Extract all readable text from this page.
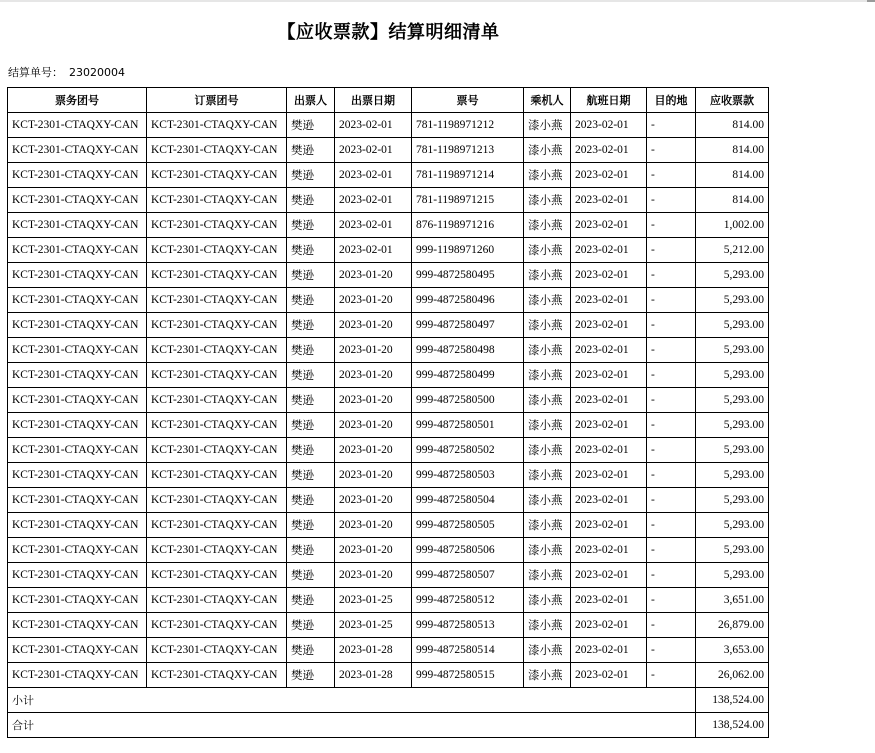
【应收票款】结算明细清单
结算单号： 23020004
票务团号	订票团号	出票人	出票日期	票号	乘机人	航班日期	目的地	应收票款
KCT-2301-CTAQXY-CAN	KCT-2301-CTAQXY-CAN	樊逊	2023-02-01	781-1198971212	漆小燕	2023-02-01	-	814.00
KCT-2301-CTAQXY-CAN	KCT-2301-CTAQXY-CAN	樊逊	2023-02-01	781-1198971213	漆小燕	2023-02-01	-	814.00
KCT-2301-CTAQXY-CAN	KCT-2301-CTAQXY-CAN	樊逊	2023-02-01	781-1198971214	漆小燕	2023-02-01	-	814.00
KCT-2301-CTAQXY-CAN	KCT-2301-CTAQXY-CAN	樊逊	2023-02-01	781-1198971215	漆小燕	2023-02-01	-	814.00
KCT-2301-CTAQXY-CAN	KCT-2301-CTAQXY-CAN	樊逊	2023-02-01	876-1198971216	漆小燕	2023-02-01	-	1,002.00
KCT-2301-CTAQXY-CAN	KCT-2301-CTAQXY-CAN	樊逊	2023-02-01	999-1198971260	漆小燕	2023-02-01	-	5,212.00
KCT-2301-CTAQXY-CAN	KCT-2301-CTAQXY-CAN	樊逊	2023-01-20	999-4872580495	漆小燕	2023-02-01	-	5,293.00
KCT-2301-CTAQXY-CAN	KCT-2301-CTAQXY-CAN	樊逊	2023-01-20	999-4872580496	漆小燕	2023-02-01	-	5,293.00
KCT-2301-CTAQXY-CAN	KCT-2301-CTAQXY-CAN	樊逊	2023-01-20	999-4872580497	漆小燕	2023-02-01	-	5,293.00
KCT-2301-CTAQXY-CAN	KCT-2301-CTAQXY-CAN	樊逊	2023-01-20	999-4872580498	漆小燕	2023-02-01	-	5,293.00
KCT-2301-CTAQXY-CAN	KCT-2301-CTAQXY-CAN	樊逊	2023-01-20	999-4872580499	漆小燕	2023-02-01	-	5,293.00
KCT-2301-CTAQXY-CAN	KCT-2301-CTAQXY-CAN	樊逊	2023-01-20	999-4872580500	漆小燕	2023-02-01	-	5,293.00
KCT-2301-CTAQXY-CAN	KCT-2301-CTAQXY-CAN	樊逊	2023-01-20	999-4872580501	漆小燕	2023-02-01	-	5,293.00
KCT-2301-CTAQXY-CAN	KCT-2301-CTAQXY-CAN	樊逊	2023-01-20	999-4872580502	漆小燕	2023-02-01	-	5,293.00
KCT-2301-CTAQXY-CAN	KCT-2301-CTAQXY-CAN	樊逊	2023-01-20	999-4872580503	漆小燕	2023-02-01	-	5,293.00
KCT-2301-CTAQXY-CAN	KCT-2301-CTAQXY-CAN	樊逊	2023-01-20	999-4872580504	漆小燕	2023-02-01	-	5,293.00
KCT-2301-CTAQXY-CAN	KCT-2301-CTAQXY-CAN	樊逊	2023-01-20	999-4872580505	漆小燕	2023-02-01	-	5,293.00
KCT-2301-CTAQXY-CAN	KCT-2301-CTAQXY-CAN	樊逊	2023-01-20	999-4872580506	漆小燕	2023-02-01	-	5,293.00
KCT-2301-CTAQXY-CAN	KCT-2301-CTAQXY-CAN	樊逊	2023-01-20	999-4872580507	漆小燕	2023-02-01	-	5,293.00
KCT-2301-CTAQXY-CAN	KCT-2301-CTAQXY-CAN	樊逊	2023-01-25	999-4872580512	漆小燕	2023-02-01	-	3,651.00
KCT-2301-CTAQXY-CAN	KCT-2301-CTAQXY-CAN	樊逊	2023-01-25	999-4872580513	漆小燕	2023-02-01	-	26,879.00
KCT-2301-CTAQXY-CAN	KCT-2301-CTAQXY-CAN	樊逊	2023-01-28	999-4872580514	漆小燕	2023-02-01	-	3,653.00
KCT-2301-CTAQXY-CAN	KCT-2301-CTAQXY-CAN	樊逊	2023-01-28	999-4872580515	漆小燕	2023-02-01	-	26,062.00
小计								138,524.00
合计								138,524.00
